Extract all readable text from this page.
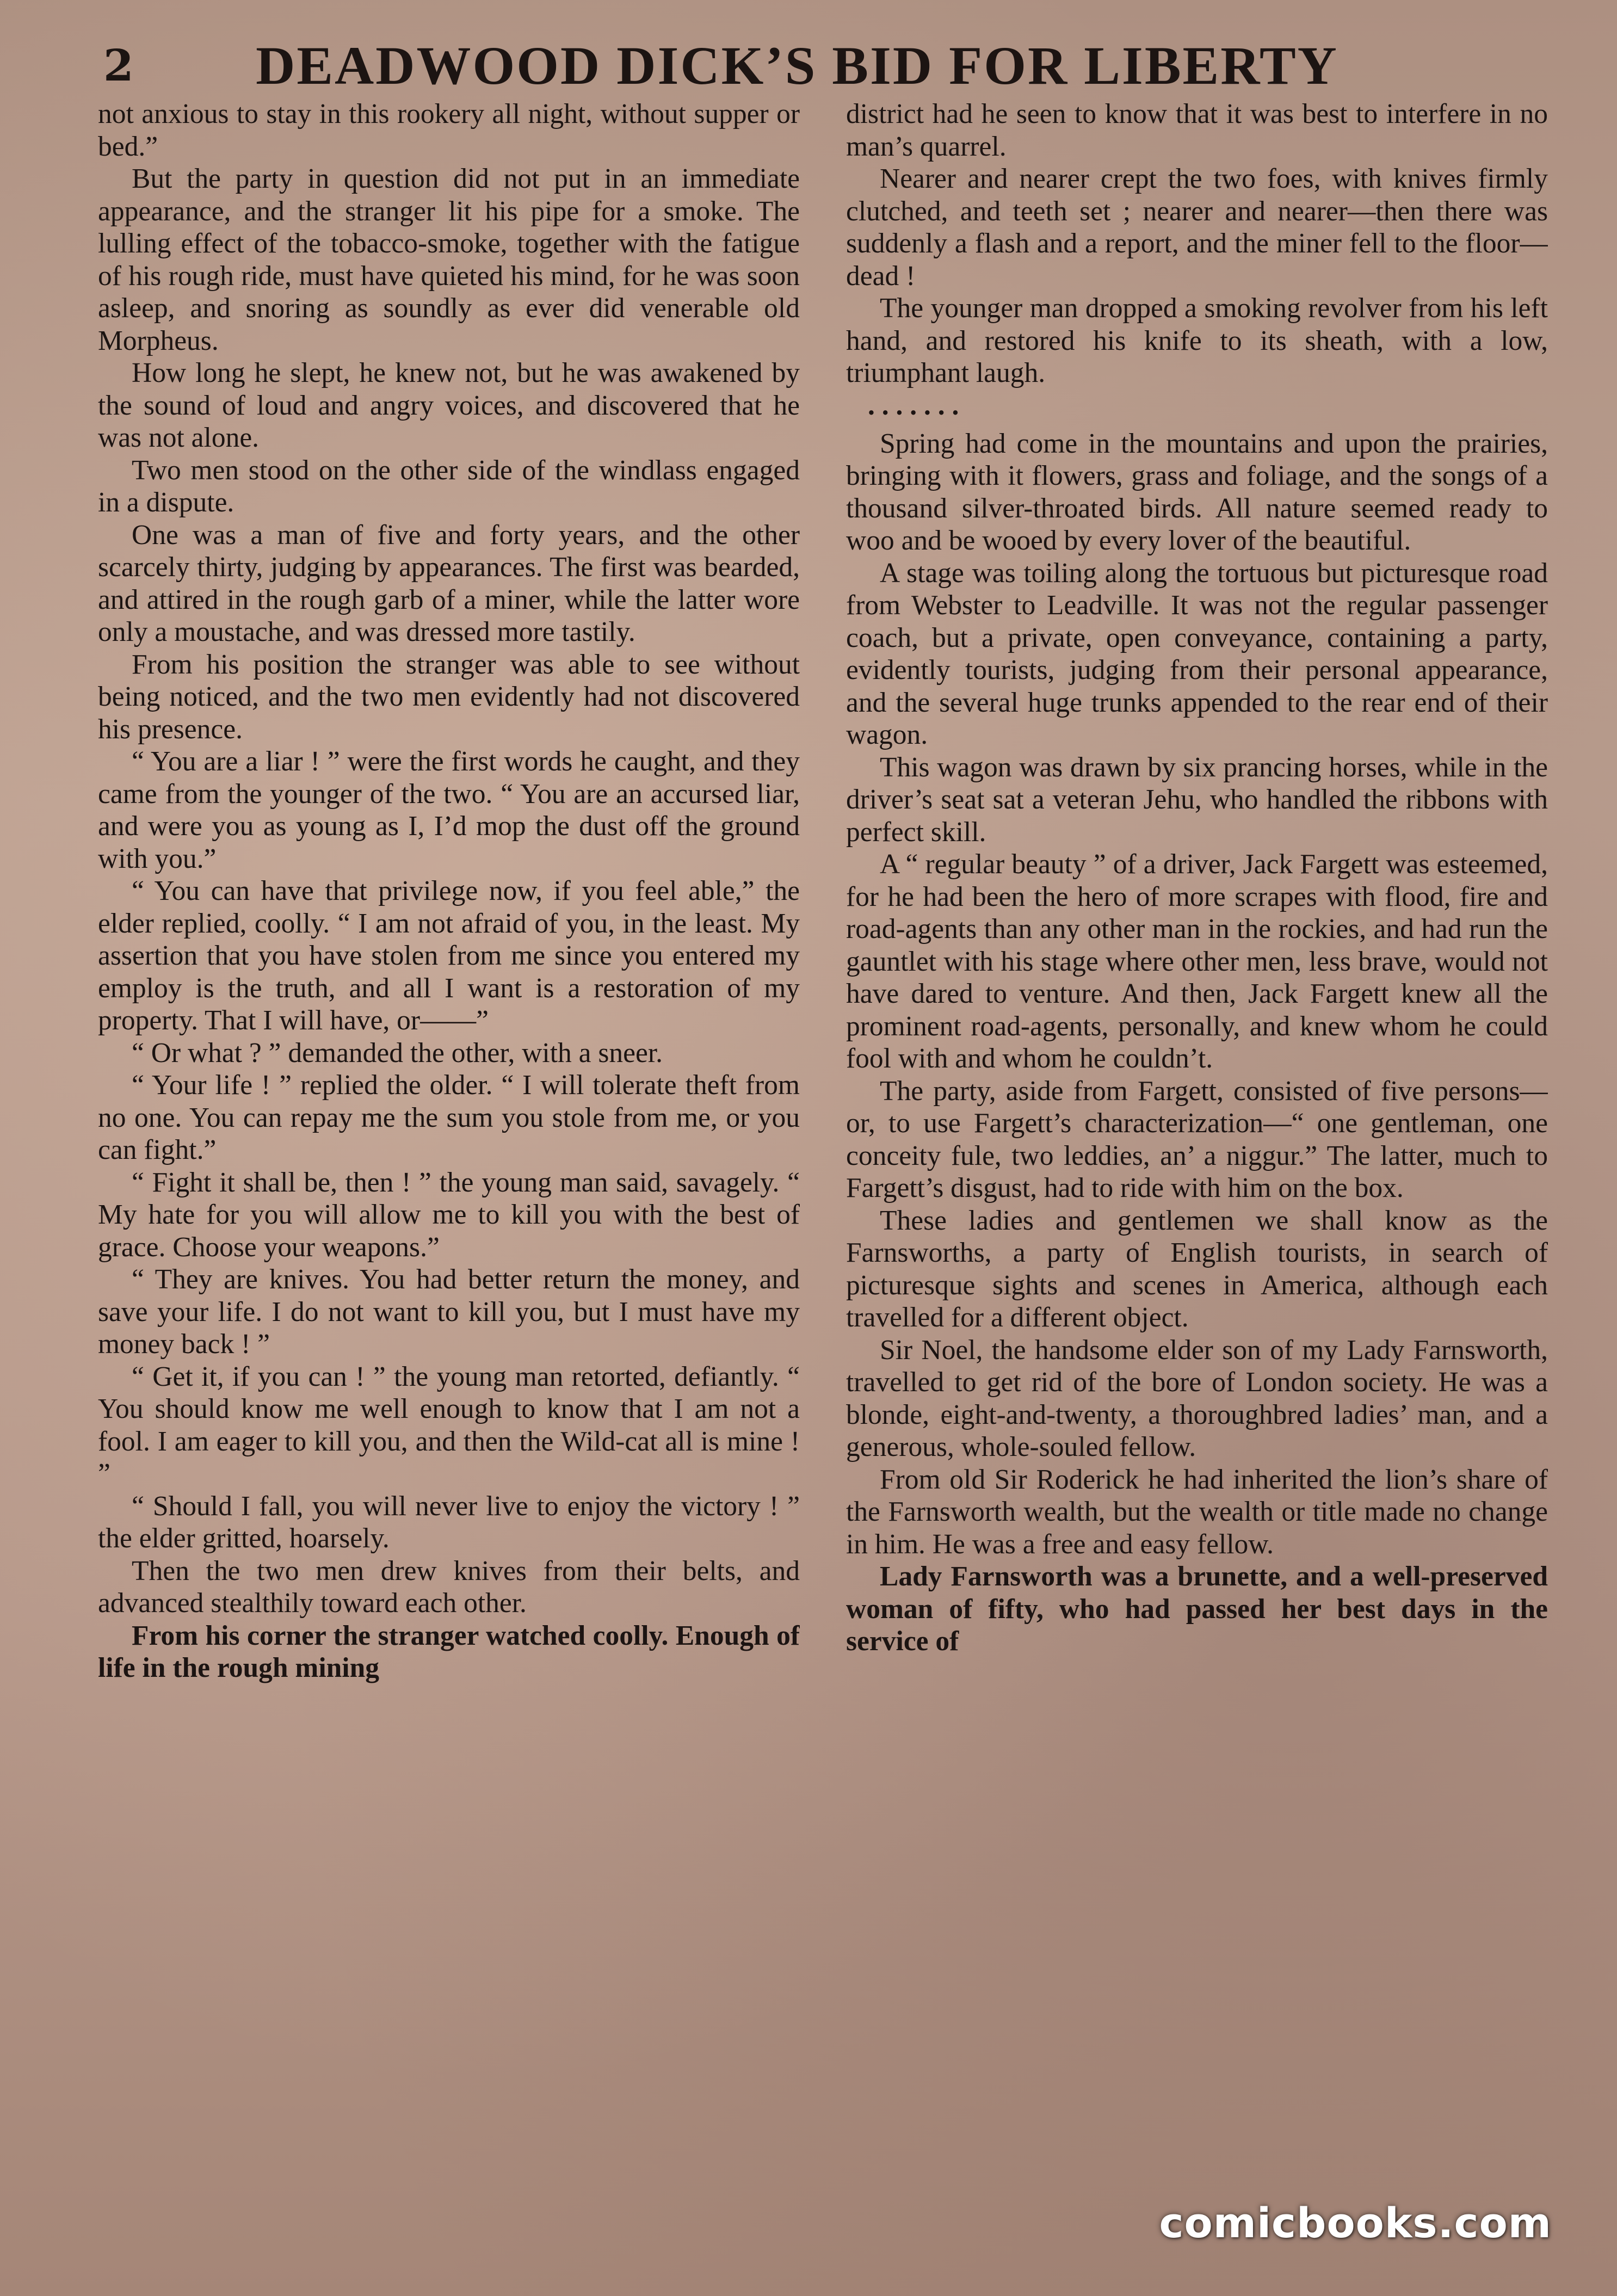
2	DEADWOOD DICK’S BID FOR LIBERTY

not anxious to stay in this rookery all night, without supper or bed.”

But the party in question did not put in an immediate appearance, and the stranger lit his pipe for a smoke. The lulling effect of the tobacco-smoke, together with the fatigue of his rough ride, must have quieted his mind, for he was soon asleep, and snoring as soundly as ever did venerable old Morpheus.

How long he slept, he knew not, but he was awakened by the sound of loud and angry voices, and discovered that he was not alone.

Two men stood on the other side of the windlass engaged in a dispute.

One was a man of five and forty years, and the other scarcely thirty, judging by appearances. The first was bearded, and attired in the rough garb of a miner, while the latter wore only a moustache, and was dressed more tastily.

From his position the stranger was able to see without being noticed, and the two men evidently had not discovered his presence.

“ You are a liar ! ” were the first words he caught, and they came from the younger of the two. “ You are an accursed liar, and were you as young as I, I’d mop the dust off the ground with you.”

“ You can have that privilege now, if you feel able,” the elder replied, coolly. “ I am not afraid of you, in the least. My assertion that you have stolen from me since you entered my employ is the truth, and all I want is a restoration of my property. That I will have, or——”

“ Or what ? ” demanded the other, with a sneer.

“ Your life ! ” replied the older. “ I will tolerate theft from no one. You can repay me the sum you stole from me, or you can fight.”

“ Fight it shall be, then ! ” the young man said, savagely. “ My hate for you will allow me to kill you with the best of grace. Choose your weapons.”

“ They are knives. You had better return the money, and save your life. I do not want to kill you, but I must have my money back ! ”

“ Get it, if you can ! ” the young man retorted, defiantly. “ You should know me well enough to know that I am not a fool. I am eager to kill you, and then the Wild-cat all is mine ! ”

“ Should I fall, you will never live to enjoy the victory ! ” the elder gritted, hoarsely.

Then the two men drew knives from their belts, and advanced stealthily toward each other.

From his corner the stranger watched coolly. Enough of life in the rough mining

district had he seen to know that it was best to interfere in no man’s quarrel.

Nearer and nearer crept the two foes, with knives firmly clutched, and teeth set ; nearer and nearer—then there was suddenly a flash and a report, and the miner fell to the floor—dead !

The younger man dropped a smoking revolver from his left hand, and restored his knife to its sheath, with a low, triumphant laugh.

. . . . . . .

Spring had come in the mountains and upon the prairies, bringing with it flowers, grass and foliage, and the songs of a thousand silver-throated birds. All nature seemed ready to woo and be wooed by every lover of the beautiful.

A stage was toiling along the tortuous but picturesque road from Webster to Leadville. It was not the regular passenger coach, but a private, open conveyance, containing a party, evidently tourists, judging from their personal appearance, and the several huge trunks appended to the rear end of their wagon.

This wagon was drawn by six prancing horses, while in the driver’s seat sat a veteran Jehu, who handled the ribbons with perfect skill.

A “ regular beauty ” of a driver, Jack Fargett was esteemed, for he had been the hero of more scrapes with flood, fire and road-agents than any other man in the rockies, and had run the gauntlet with his stage where other men, less brave, would not have dared to venture. And then, Jack Fargett knew all the prominent road-agents, personally, and knew whom he could fool with and whom he couldn’t.

The party, aside from Fargett, consisted of five persons—or, to use Fargett’s characterization—“ one gentleman, one conceity fule, two leddies, an’ a niggur.” The latter, much to Fargett’s disgust, had to ride with him on the box.

These ladies and gentlemen we shall know as the Farnsworths, a party of English tourists, in search of picturesque sights and scenes in America, although each travelled for a different object.

Sir Noel, the handsome elder son of my Lady Farnsworth, travelled to get rid of the bore of London society. He was a blonde, eight-and-twenty, a thoroughbred ladies’ man, and a generous, whole-souled fellow.

From old Sir Roderick he had inherited the lion’s share of the Farnsworth wealth, but the wealth or title made no change in him. He was a free and easy fellow.

Lady Farnsworth was a brunette, and a well-preserved woman of fifty, who had passed her best days in the service of

comicbooks.com
